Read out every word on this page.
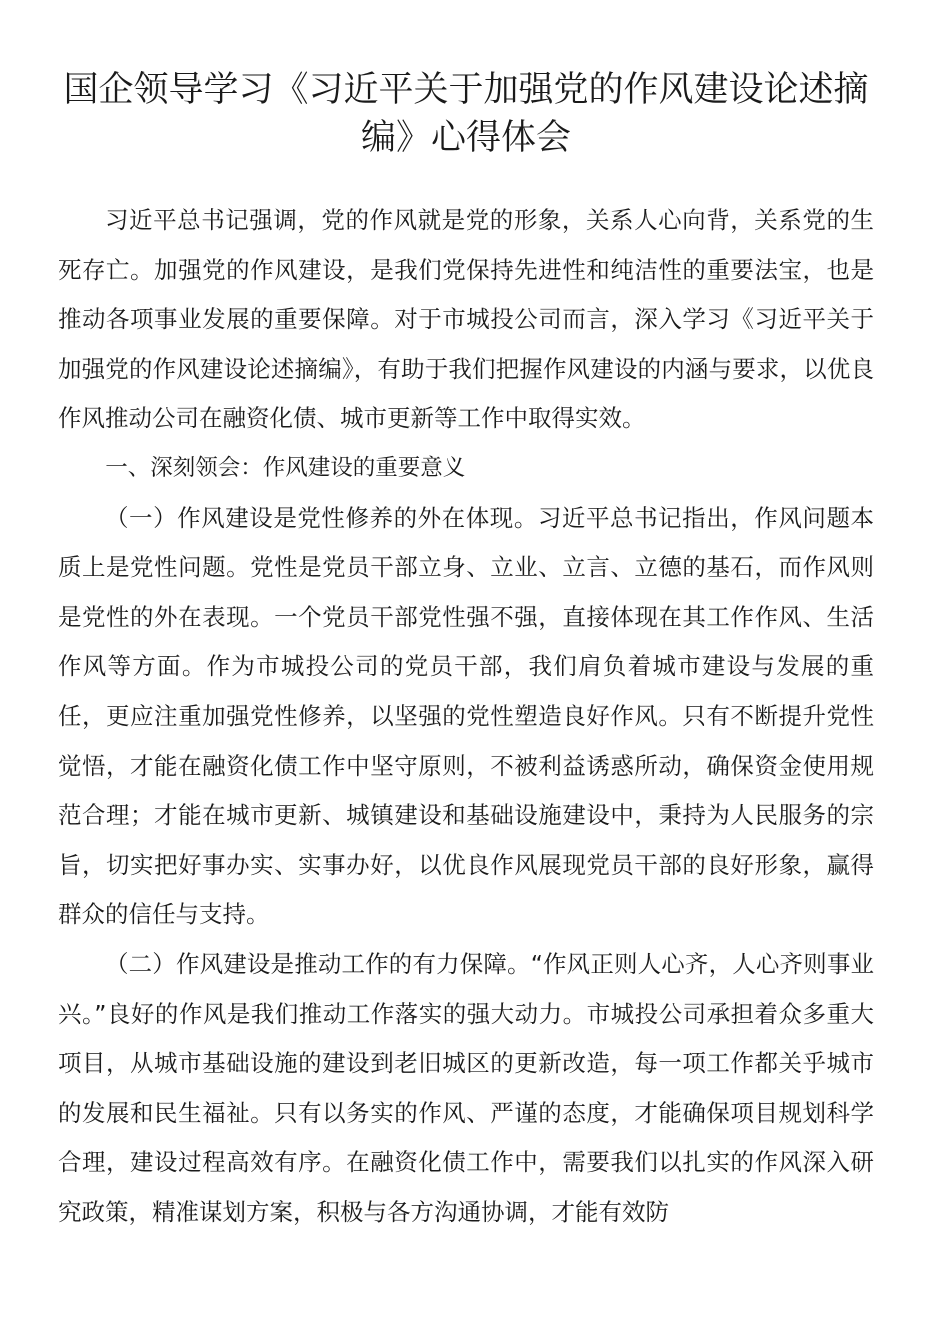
国企领导学习《习近平关于加强党的作风建设论述摘编》心得体会

习近平总书记强调，党的作风就是党的形象，关系人心向背，关系党的生死存亡。加强党的作风建设，是我们党保持先进性和纯洁性的重要法宝，也是推动各项事业发展的重要保障。对于市城投公司而言，深入学习《习近平关于加强党的作风建设论述摘编》，有助于我们把握作风建设的内涵与要求，以优良作风推动公司在融资化债、城市更新等工作中取得实效。

一、深刻领会：作风建设的重要意义

（一）作风建设是党性修养的外在体现。习近平总书记指出，作风问题本质上是党性问题。党性是党员干部立身、立业、立言、立德的基石，而作风则是党性的外在表现。一个党员干部党性强不强，直接体现在其工作作风、生活作风等方面。作为市城投公司的党员干部，我们肩负着城市建设与发展的重任，更应注重加强党性修养，以坚强的党性塑造良好作风。只有不断提升党性觉悟，才能在融资化债工作中坚守原则，不被利益诱惑所动，确保资金使用规范合理；才能在城市更新、城镇建设和基础设施建设中，秉持为人民服务的宗旨，切实把好事办实、实事办好，以优良作风展现党员干部的良好形象，赢得群众的信任与支持。

（二）作风建设是推动工作的有力保障。“作风正则人心齐，人心齐则事业兴。”良好的作风是我们推动工作落实的强大动力。市城投公司承担着众多重大项目，从城市基础设施的建设到老旧城区的更新改造，每一项工作都关乎城市的发展和民生福祉。只有以务实的作风、严谨的态度，才能确保项目规划科学合理，建设过程高效有序。在融资化债工作中，需要我们以扎实的作风深入研究政策，精准谋划方案，积极与各方沟通协调，才能有效防
